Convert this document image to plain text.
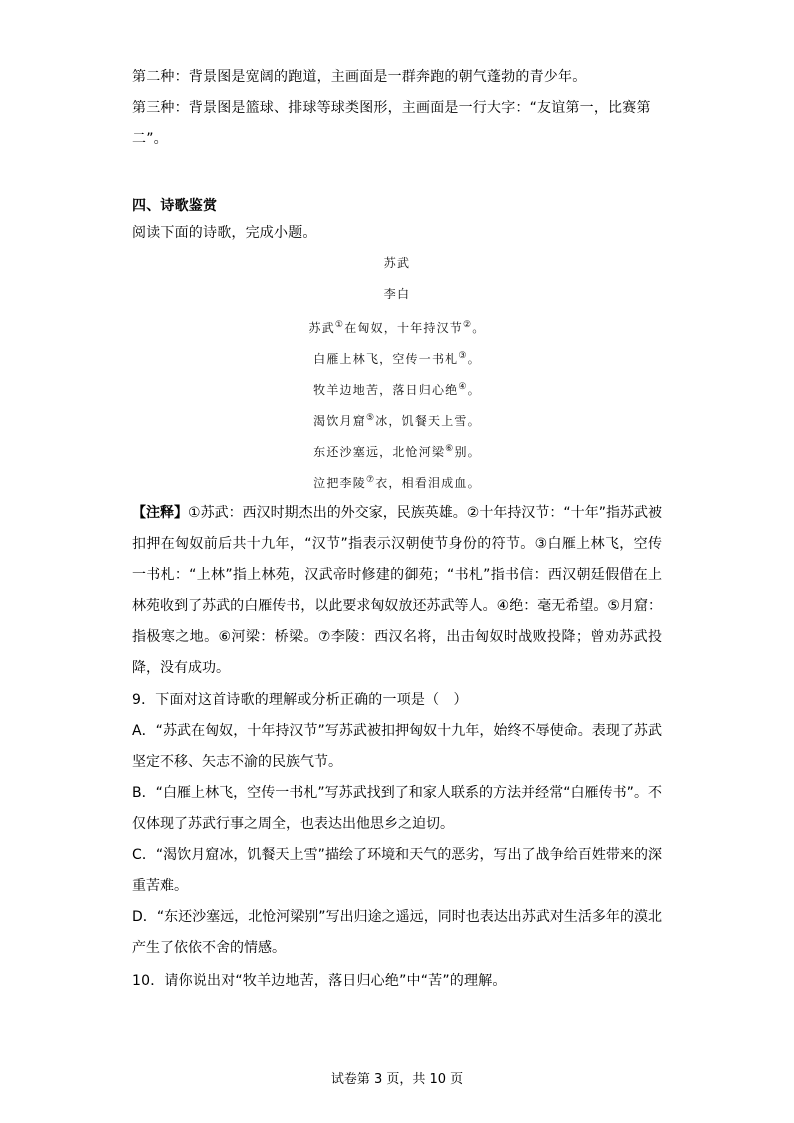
第二种：背景图是宽阔的跑道，主画面是一群奔跑的朝气蓬勃的青少年。

第三种：背景图是篮球、排球等球类图形，主画面是一行大字：“友谊第一，比赛第

二”。

四、诗歌鉴赏

阅读下面的诗歌，完成小题。

苏武
李白
苏武①在匈奴，十年持汉节②。
白雁上林飞，空传一书札③。
牧羊边地苦，落日归心绝④。
渴饮月窟⑤冰，饥餐天上雪。
东还沙塞远，北怆河梁⑥别。
泣把李陵⑦衣，相看泪成血。

【注释】①苏武：西汉时期杰出的外交家，民族英雄。②十年持汉节：“十年”指苏武被扣押在匈奴前后共十九年，“汉节”指表示汉朝使节身份的符节。③白雁上林飞，空传一书札：“上林”指上林苑，汉武帝时修建的御苑；“书札”指书信：西汉朝廷假借在上林苑收到了苏武的白雁传书，以此要求匈奴放还苏武等人。④绝：毫无希望。⑤月窟：指极寒之地。⑥河梁：桥梁。⑦李陵：西汉名将，出击匈奴时战败投降；曾劝苏武投降，没有成功。

9．下面对这首诗歌的理解或分析正确的一项是（　）

A．“苏武在匈奴，十年持汉节”写苏武被扣押匈奴十九年，始终不辱使命。表现了苏武坚定不移、矢志不渝的民族气节。

B．“白雁上林飞，空传一书札”写苏武找到了和家人联系的方法并经常“白雁传书”。不仅体现了苏武行事之周全，也表达出他思乡之迫切。

C．“渴饮月窟冰，饥餐天上雪”描绘了环境和天气的恶劣，写出了战争给百姓带来的深重苦难。

D．“东还沙塞远，北怆河梁别”写出归途之遥远，同时也表达出苏武对生活多年的漠北产生了依依不舍的情感。

10．请你说出对“牧羊边地苦，落日归心绝”中“苦”的理解。

试卷第 3 页，共 10 页
